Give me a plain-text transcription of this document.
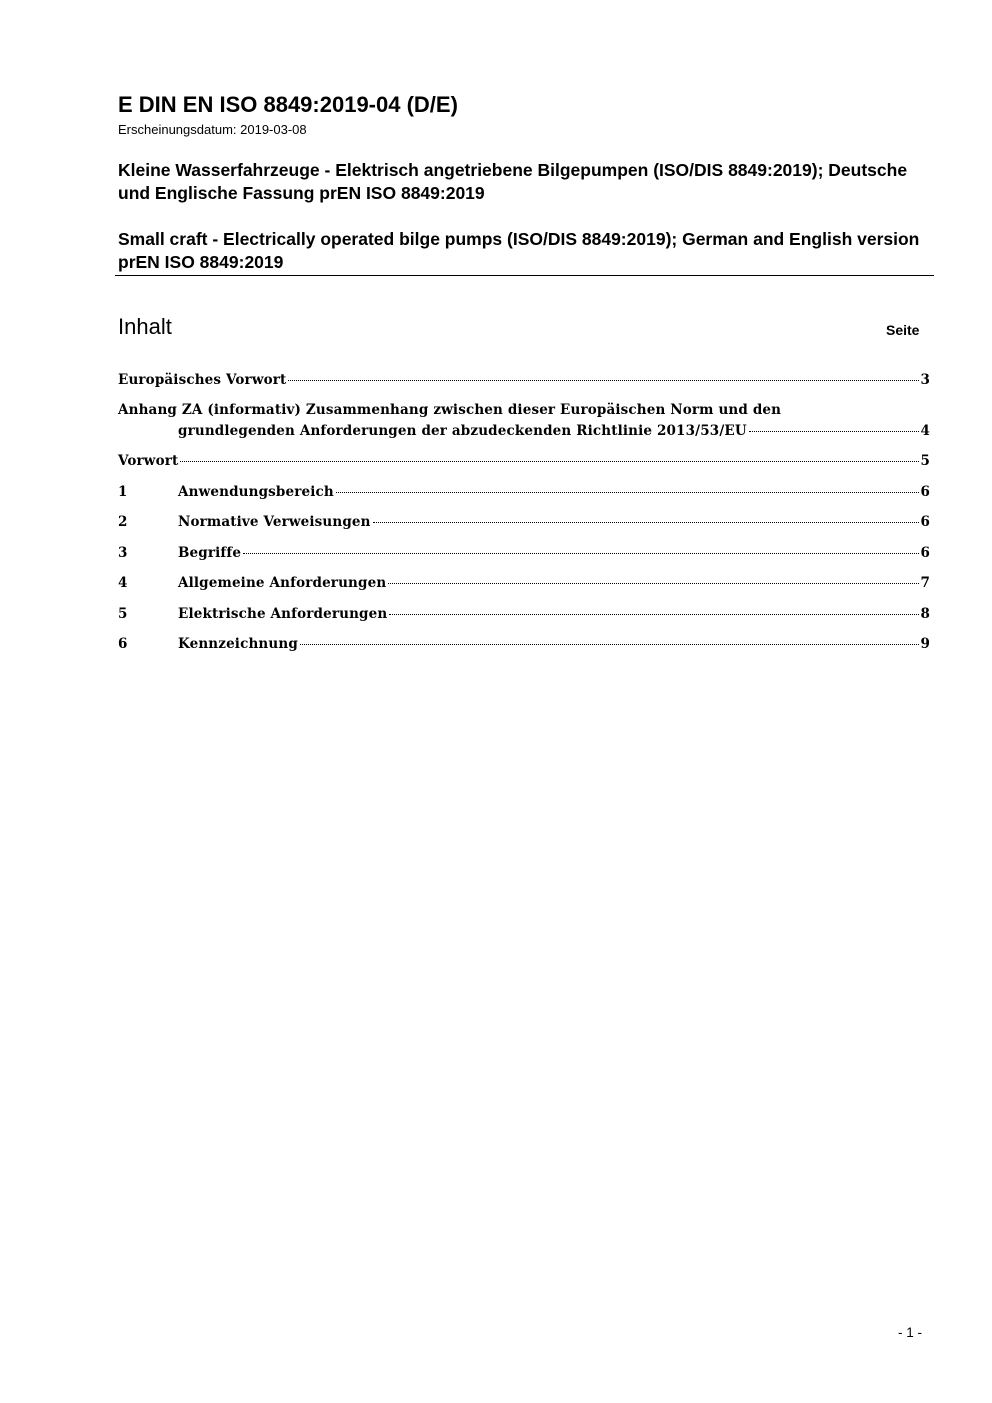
E DIN EN ISO 8849:2019-04 (D/E)
Erscheinungsdatum: 2019-03-08
Kleine Wasserfahrzeuge - Elektrisch angetriebene Bilgepumpen (ISO/DIS 8849:2019); Deutsche und Englische Fassung prEN ISO 8849:2019
Small craft - Electrically operated bilge pumps (ISO/DIS 8849:2019); German and English version prEN ISO 8849:2019
Inhalt	Seite
Europäisches Vorwort	3
Anhang ZA (informativ) Zusammenhang zwischen dieser Europäischen Norm und den
grundlegenden Anforderungen der abzudeckenden Richtlinie 2013/53/EU	4
Vorwort	5
1	Anwendungsbereich	6
2	Normative Verweisungen	6
3	Begriffe	6
4	Allgemeine Anforderungen	7
5	Elektrische Anforderungen	8
6	Kennzeichnung	9
- 1 -
